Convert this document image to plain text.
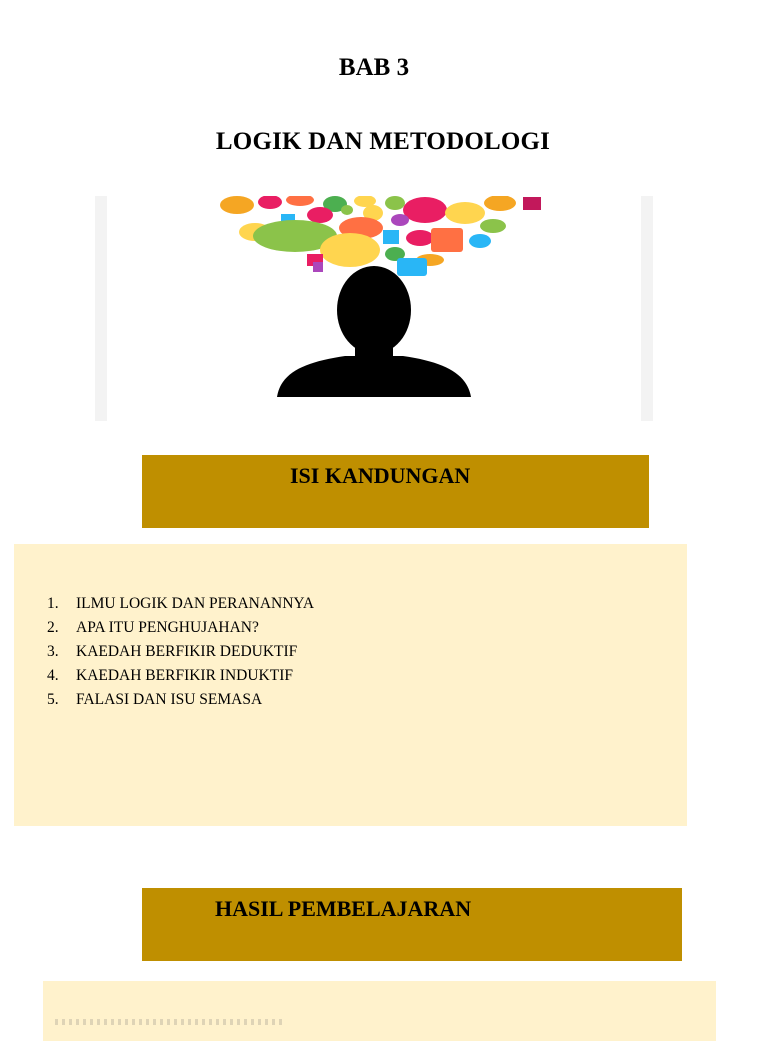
BAB 3
LOGIK DAN METODOLOGI
ISI KANDUNGAN
1.	ILMU LOGIK DAN PERANANNYA
2.	APA ITU PENGHUJAHAN?
3.	KAEDAH BERFIKIR DEDUKTIF
4.	KAEDAH BERFIKIR INDUKTIF
5.	FALASI DAN ISU SEMASA
HASIL PEMBELAJARAN
